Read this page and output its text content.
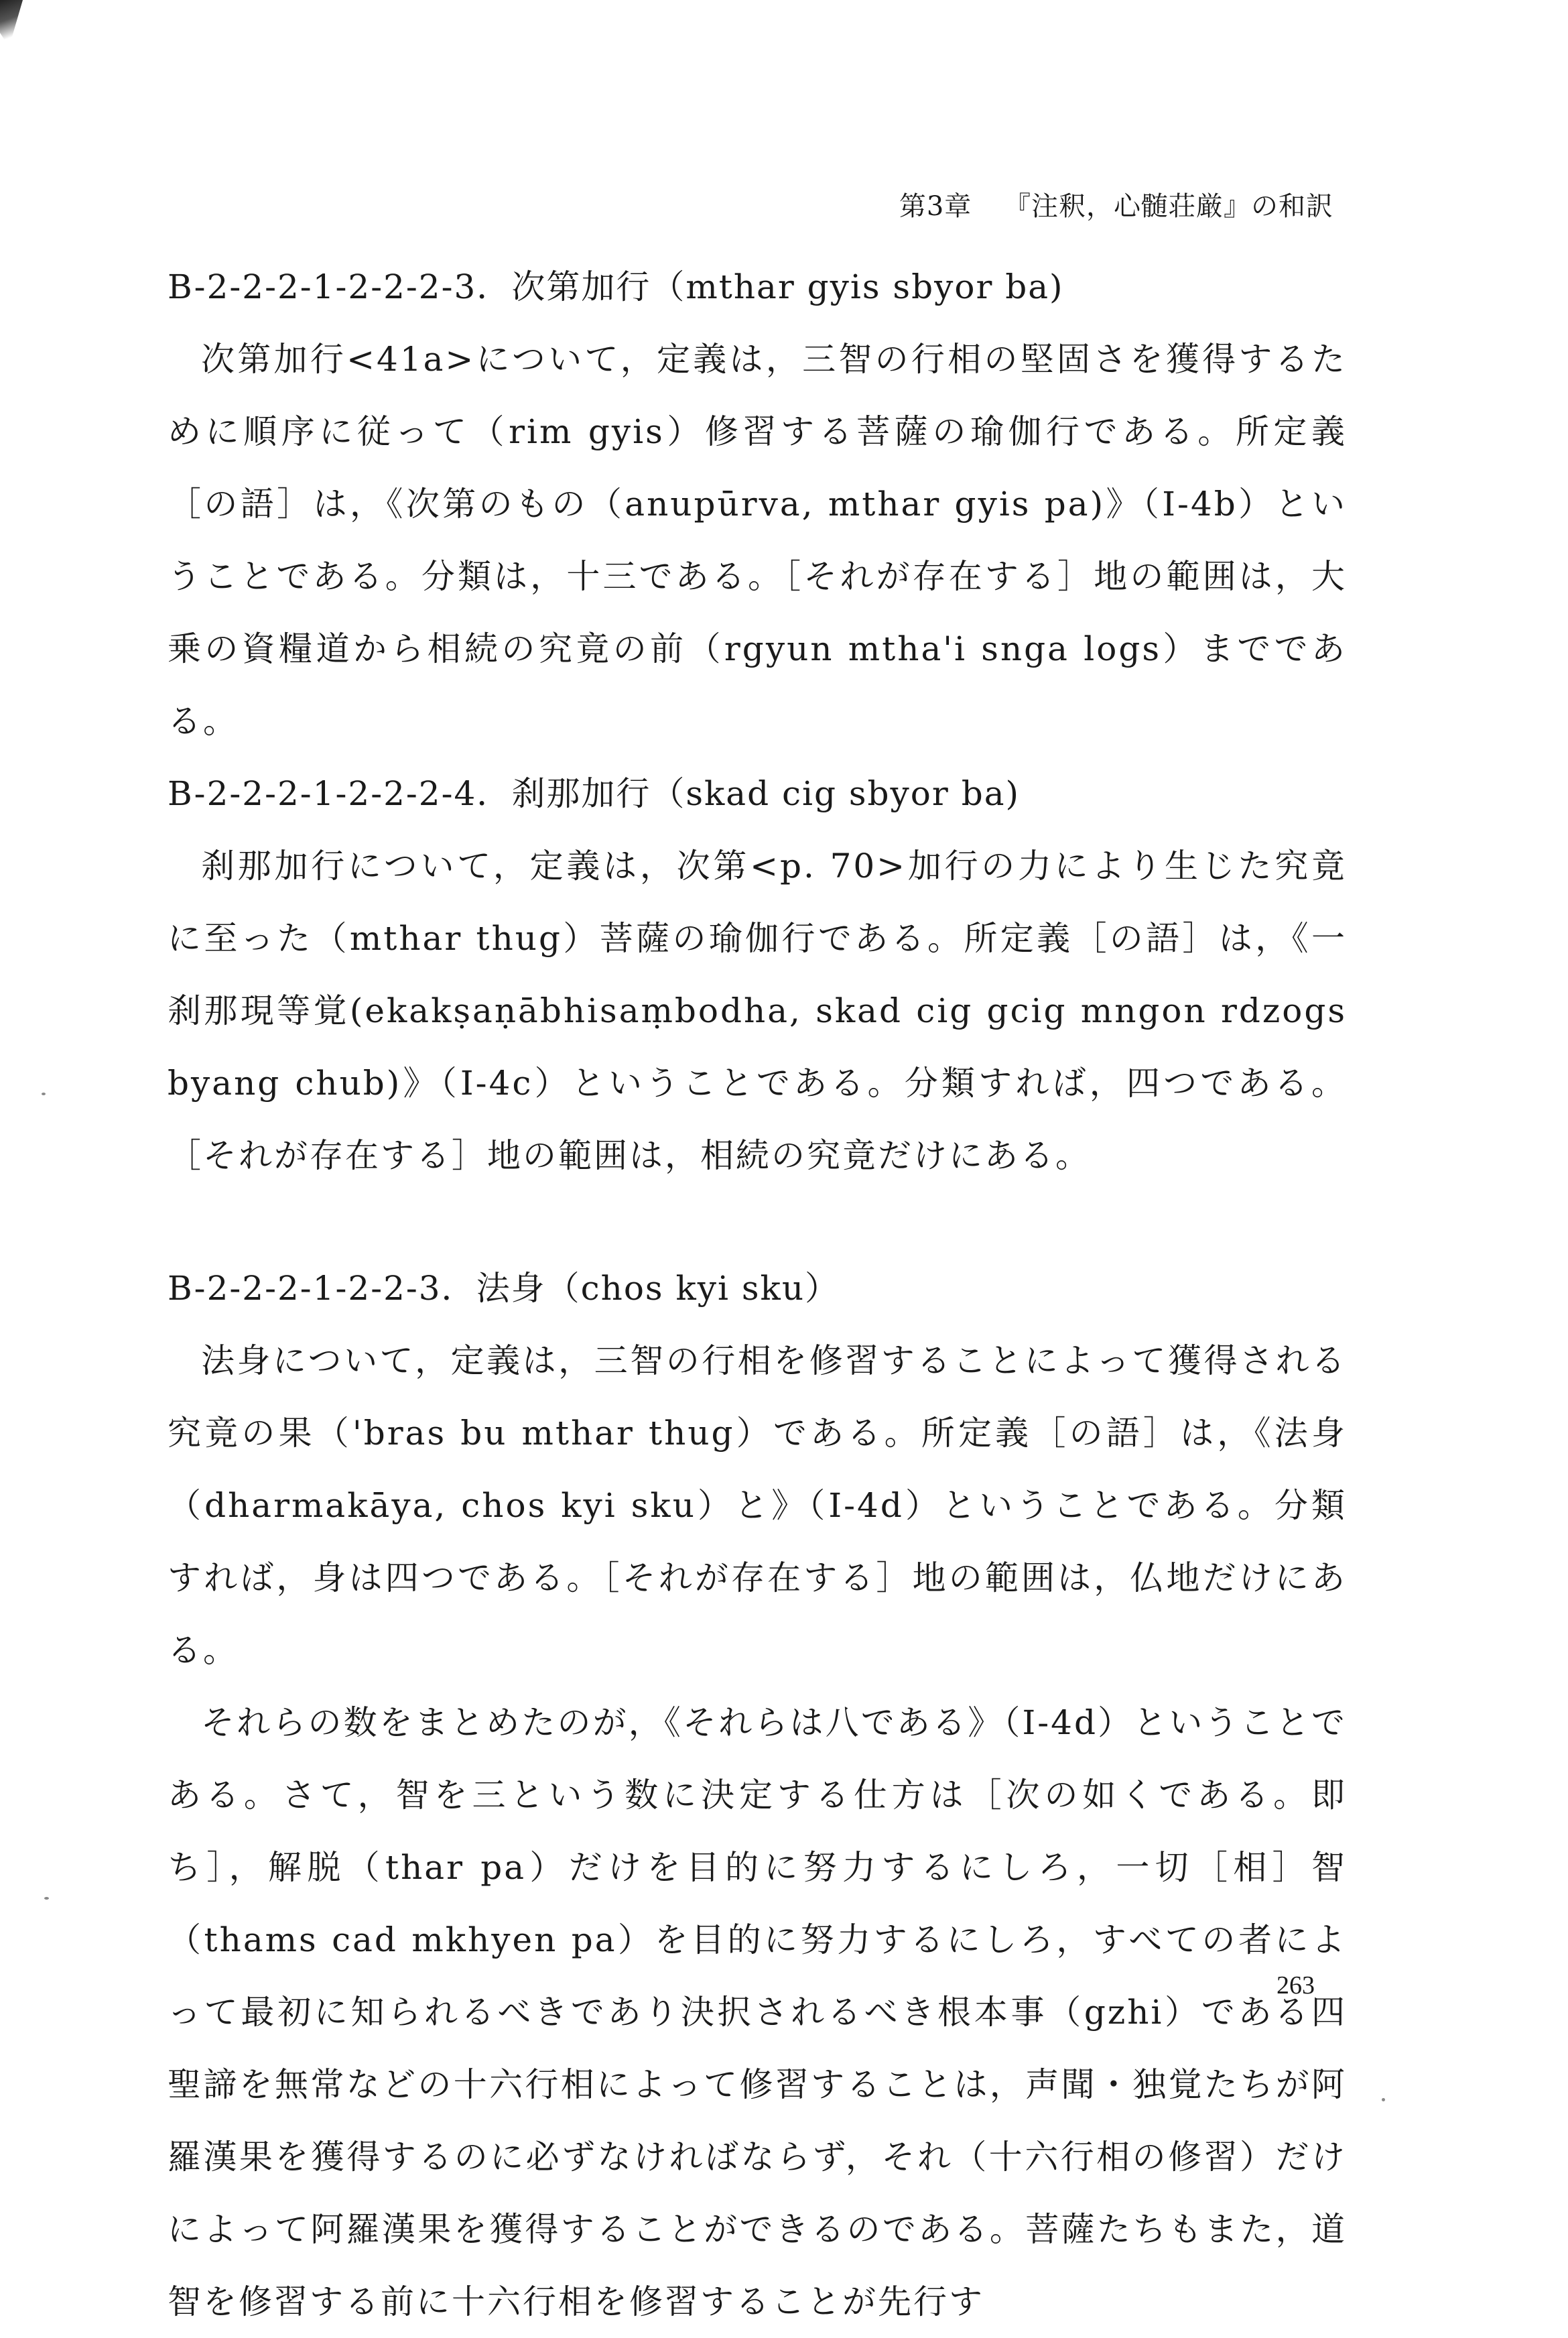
第3章 『注釈，心髄荘厳』の和訳
B-2-2-2-1-2-2-2-3．次第加行（mthar gyis sbyor ba)

次第加行<41a>について，定義は，三智の行相の堅固さを獲得するために順序に従って（rim gyis）修習する菩薩の瑜伽行である。所定義［の語］は，《次第のもの（anupūrva, mthar gyis pa)》（I-4b）ということである。分類は，十三である。［それが存在する］地の範囲は，大乗の資糧道から相続の究竟の前（rgyun mtha'i snga logs）までである。

B-2-2-2-1-2-2-2-4．刹那加行（skad cig sbyor ba)

刹那加行について，定義は，次第<p. 70>加行の力により生じた究竟に至った（mthar thug）菩薩の瑜伽行である。所定義［の語］は，《一刹那現等覚(ekakṣaṇābhisaṃbodha, skad cig gcig mngon rdzogs byang chub)》（I-4c）ということである。分類すれば，四つである。［それが存在する］地の範囲は，相続の究竟だけにある。

B-2-2-2-1-2-2-3．法身（chos kyi sku）

法身について，定義は，三智の行相を修習することによって獲得される究竟の果（'bras bu mthar thug）である。所定義［の語］は，《法身（dharmakāya, chos kyi sku）と》（I-4d）ということである。分類すれば，身は四つである。［それが存在する］地の範囲は，仏地だけにある。

それらの数をまとめたのが，《それらは八である》（I-4d）ということである。さて，智を三という数に決定する仕方は［次の如くである。即ち］，解脱（thar pa）だけを目的に努力するにしろ，一切［相］智（thams cad mkhyen pa）を目的に努力するにしろ，すべての者によって最初に知られるべきであり決択されるべき根本事（gzhi）である四聖諦を無常などの十六行相によって修習することは，声聞・独覚たちが阿羅漢果を獲得するのに必ずなければならず，それ（十六行相の修習）だけによって阿羅漢果を獲得することができるのである。菩薩たちもまた，道智を修習する前に十六行相を修習することが先行す

263
